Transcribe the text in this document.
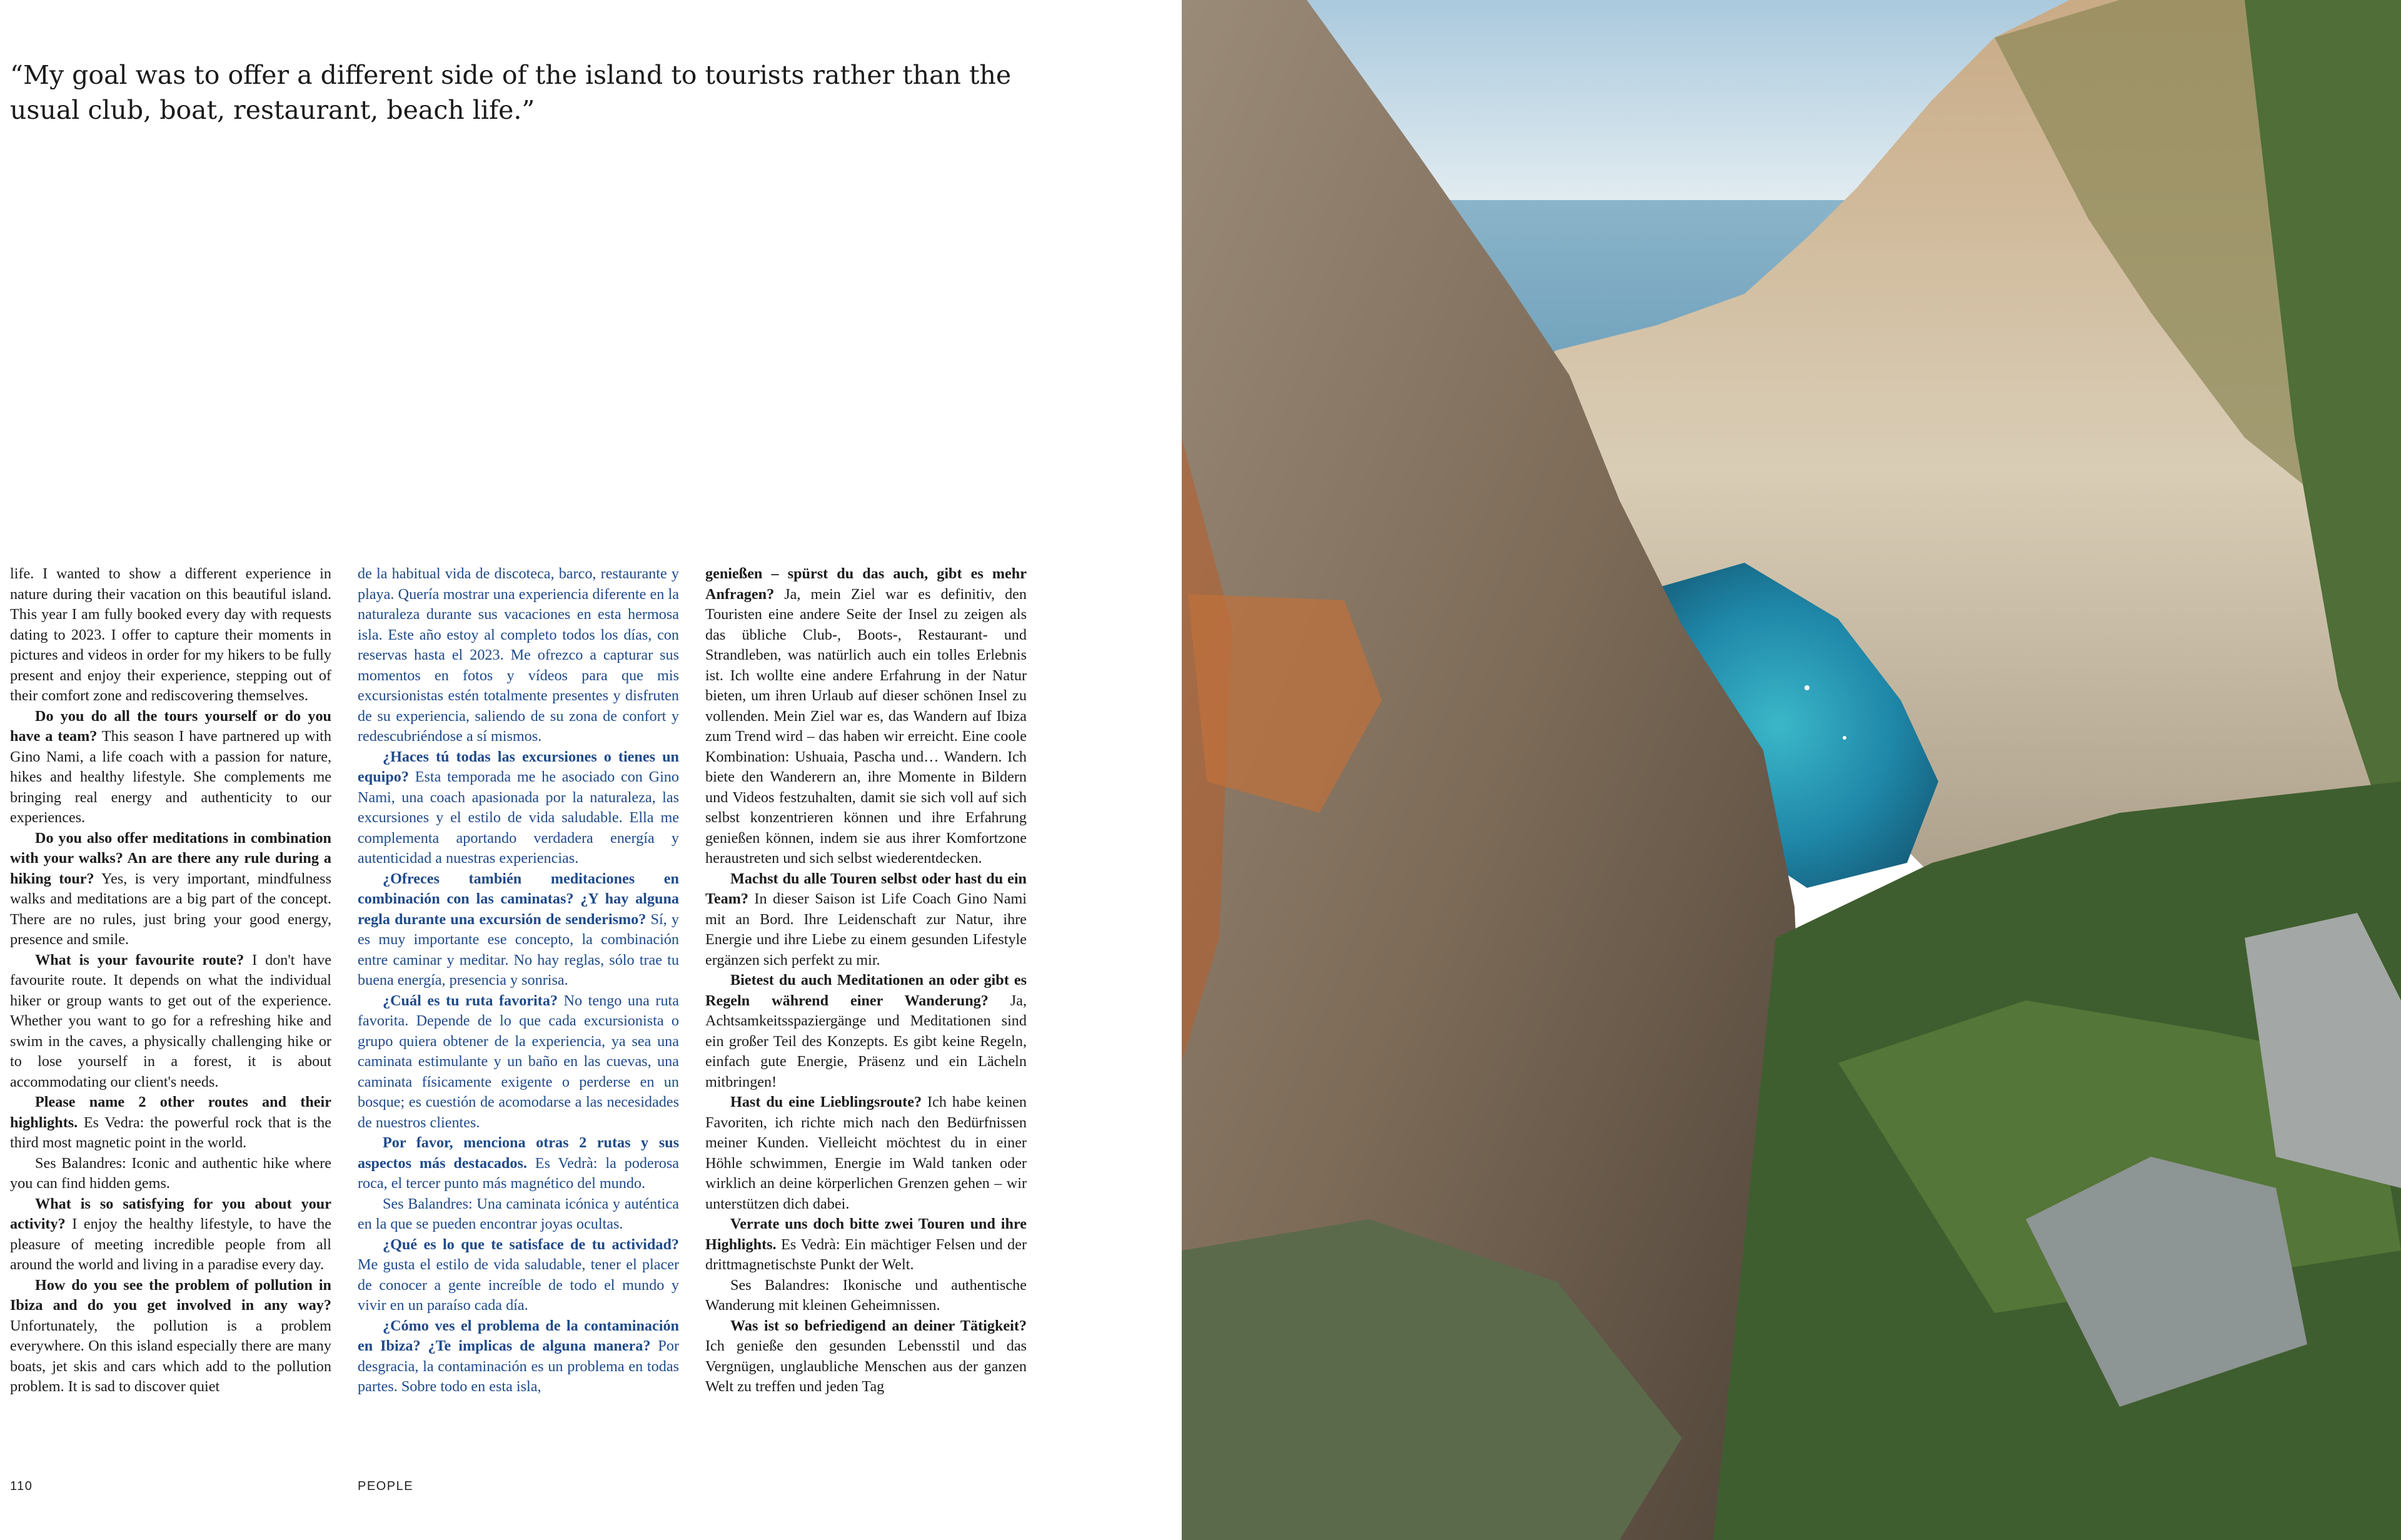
“My goal was to offer a different side of the island to tourists rather than the usual club, boat, restaurant, beach life.”

life. I wanted to show a different experience in nature during their vacation on this beautiful island. This year I am fully booked every day with requests dating to 2023. I offer to capture their moments in pictures and videos in order for my hikers to be fully present and enjoy their experience, stepping out of their comfort zone and rediscovering themselves.

Do you do all the tours yourself or do you have a team? This season I have partnered up with Gino Nami, a life coach with a passion for nature, hikes and healthy lifestyle. She complements me bringing real energy and authenticity to our experiences.

Do you also offer meditations in combination with your walks? An are there any rule during a hiking tour? Yes, is very important, mindfulness walks and meditations are a big part of the concept. There are no rules, just bring your good energy, presence and smile.

What is your favourite route? I don't have favourite route. It depends on what the individual hiker or group wants to get out of the experience. Whether you want to go for a refreshing hike and swim in the caves, a physically challenging hike or to lose yourself in a forest, it is about accommodating our client's needs.

Please name 2 other routes and their highlights. Es Vedra: the powerful rock that is the third most magnetic point in the world.

Ses Balandres: Iconic and authentic hike where you can find hidden gems.

What is so satisfying for you about your activity? I enjoy the healthy lifestyle, to have the pleasure of meeting incredible people from all around the world and living in a paradise every day.

How do you see the problem of pollution in Ibiza and do you get involved in any way? Unfortunately, the pollution is a problem everywhere. On this island especially there are many boats, jet skis and cars which add to the pollution problem. It is sad to discover quiet

de la habitual vida de discoteca, barco, restaurante y playa. Quería mostrar una experiencia diferente en la naturaleza durante sus vacaciones en esta hermosa isla. Este año estoy al completo todos los días, con reservas hasta el 2023. Me ofrezco a capturar sus momentos en fotos y vídeos para que mis excursionistas estén totalmente presentes y disfruten de su experiencia, saliendo de su zona de confort y redescubriéndose a sí mismos.

¿Haces tú todas las excursiones o tienes un equipo? Esta temporada me he asociado con Gino Nami, una coach apasionada por la naturaleza, las excursiones y el estilo de vida saludable. Ella me complementa aportando verdadera energía y autenticidad a nuestras experiencias.

¿Ofreces también meditaciones en combinación con las caminatas? ¿Y hay alguna regla durante una excursión de senderismo? Sí, y es muy importante ese concepto, la combinación entre caminar y meditar. No hay reglas, sólo trae tu buena energía, presencia y sonrisa.

¿Cuál es tu ruta favorita? No tengo una ruta favorita. Depende de lo que cada excursionista o grupo quiera obtener de la experiencia, ya sea una caminata estimulante y un baño en las cuevas, una caminata físicamente exigente o perderse en un bosque; es cuestión de acomodarse a las necesidades de nuestros clientes.

Por favor, menciona otras 2 rutas y sus aspectos más destacados. Es Vedrà: la poderosa roca, el tercer punto más magnético del mundo.

Ses Balandres: Una caminata icónica y auténtica en la que se pueden encontrar joyas ocultas.

¿Qué es lo que te satisface de tu actividad? Me gusta el estilo de vida saludable, tener el placer de conocer a gente increíble de todo el mundo y vivir en un paraíso cada día.

¿Cómo ves el problema de la contaminación en Ibiza? ¿Te implicas de alguna manera? Por desgracia, la contaminación es un problema en todas partes. Sobre todo en esta isla,

genießen – spürst du das auch, gibt es mehr Anfragen? Ja, mein Ziel war es definitiv, den Touristen eine andere Seite der Insel zu zeigen als das übliche Club-, Boots-, Restaurant- und Strandleben, was natürlich auch ein tolles Erlebnis ist. Ich wollte eine andere Erfahrung in der Natur bieten, um ihren Urlaub auf dieser schönen Insel zu vollenden. Mein Ziel war es, das Wandern auf Ibiza zum Trend wird – das haben wir erreicht. Eine coole Kombination: Ushuaia, Pascha und… Wandern. Ich biete den Wanderern an, ihre Momente in Bildern und Videos festzuhalten, damit sie sich voll auf sich selbst konzentrieren können und ihre Erfahrung genießen können, indem sie aus ihrer Komfortzone heraustreten und sich selbst wiederentdecken.

Machst du alle Touren selbst oder hast du ein Team? In dieser Saison ist Life Coach Gino Nami mit an Bord. Ihre Leidenschaft zur Natur, ihre Energie und ihre Liebe zu einem gesunden Lifestyle ergänzen sich perfekt zu mir.

Bietest du auch Meditationen an oder gibt es Regeln während einer Wanderung? Ja, Achtsamkeitsspaziergänge und Meditationen sind ein großer Teil des Konzepts. Es gibt keine Regeln, einfach gute Energie, Präsenz und ein Lächeln mitbringen!

Hast du eine Lieblingsroute? Ich habe keinen Favoriten, ich richte mich nach den Bedürfnissen meiner Kunden. Vielleicht möchtest du in einer Höhle schwimmen, Energie im Wald tanken oder wirklich an deine körperlichen Grenzen gehen – wir unterstützen dich dabei.

Verrate uns doch bitte zwei Touren und ihre Highlights. Es Vedrà: Ein mächtiger Felsen und der drittmagnetischste Punkt der Welt.

Ses Balandres: Ikonische und authentische Wanderung mit kleinen Geheimnissen.

Was ist so befriedigend an deiner Tätigkeit? Ich genieße den gesunden Lebensstil und das Vergnügen, unglaubliche Menschen aus der ganzen Welt zu treffen und jeden Tag

110	PEOPLE
